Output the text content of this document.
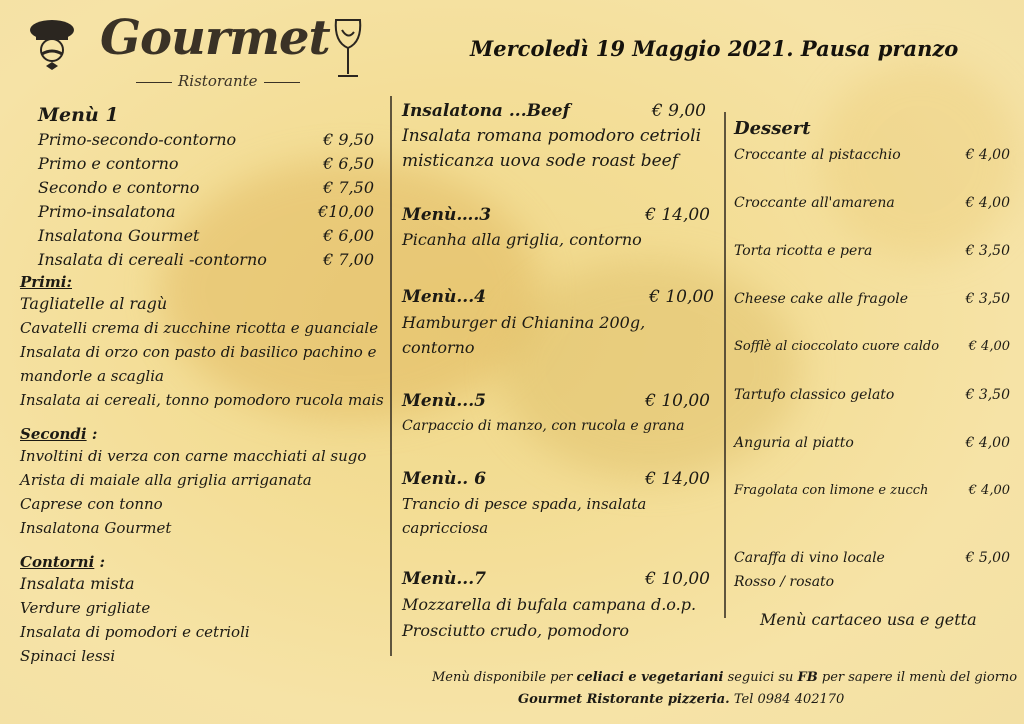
Gourmet
Ristorante
Mercoledì 19 Maggio 2021. Pausa pranzo
Menù 1
Primo-secondo-contorno	€ 9,50
Primo e contorno	€ 6,50
Secondo e contorno	€ 7,50
Primo-insalatona	€10,00
Insalatona Gourmet	€ 6,00
Insalata di cereali -contorno	€ 7,00
Primi:
Tagliatelle al ragù
Cavatelli crema di zucchine ricotta e guanciale
Insalata di orzo con pasto di basilico pachino e
mandorle a scaglia
Insalata ai cereali, tonno pomodoro rucola mais
Secondi :
Involtini di verza con carne macchiati al sugo
Arista di maiale alla griglia arriganata
Caprese con tonno
Insalatona Gourmet
Contorni :
Insalata mista
Verdure grigliate
Insalata di pomodori e cetrioli
Spinaci lessi
Insalatona ...Beef	€ 9,00
Insalata romana pomodoro cetrioli
misticanza uova sode roast beef
Menù….3	€ 14,00
Picanha alla griglia, contorno
Menù...4	€ 10,00
Hamburger di Chianina 200g,
contorno
Menù...5	€ 10,00
Carpaccio di manzo, con rucola e grana
Menù.. 6	€ 14,00
Trancio di pesce spada, insalata
capricciosa
Menù...7	€ 10,00
Mozzarella di bufala campana d.o.p.
Prosciutto crudo, pomodoro
Dessert
Croccante al pistacchio	€ 4,00
Croccante all'amarena	€ 4,00
Torta ricotta e pera	€ 3,50
Cheese cake alle fragole	€ 3,50
Sofflè al cioccolato cuore caldo € 4,00
Tartufo classico gelato	€ 3,50
Anguria al piatto	€ 4,00
Fragolata con limone e zucch	€ 4,00
Caraffa di vino locale	€ 5,00
Rosso / rosato
Menù cartaceo usa e getta
Menù disponibile per celiaci e vegetariani seguici su FB per sapere il menù del giorno
Gourmet Ristorante pizzeria. Tel 0984 402170
